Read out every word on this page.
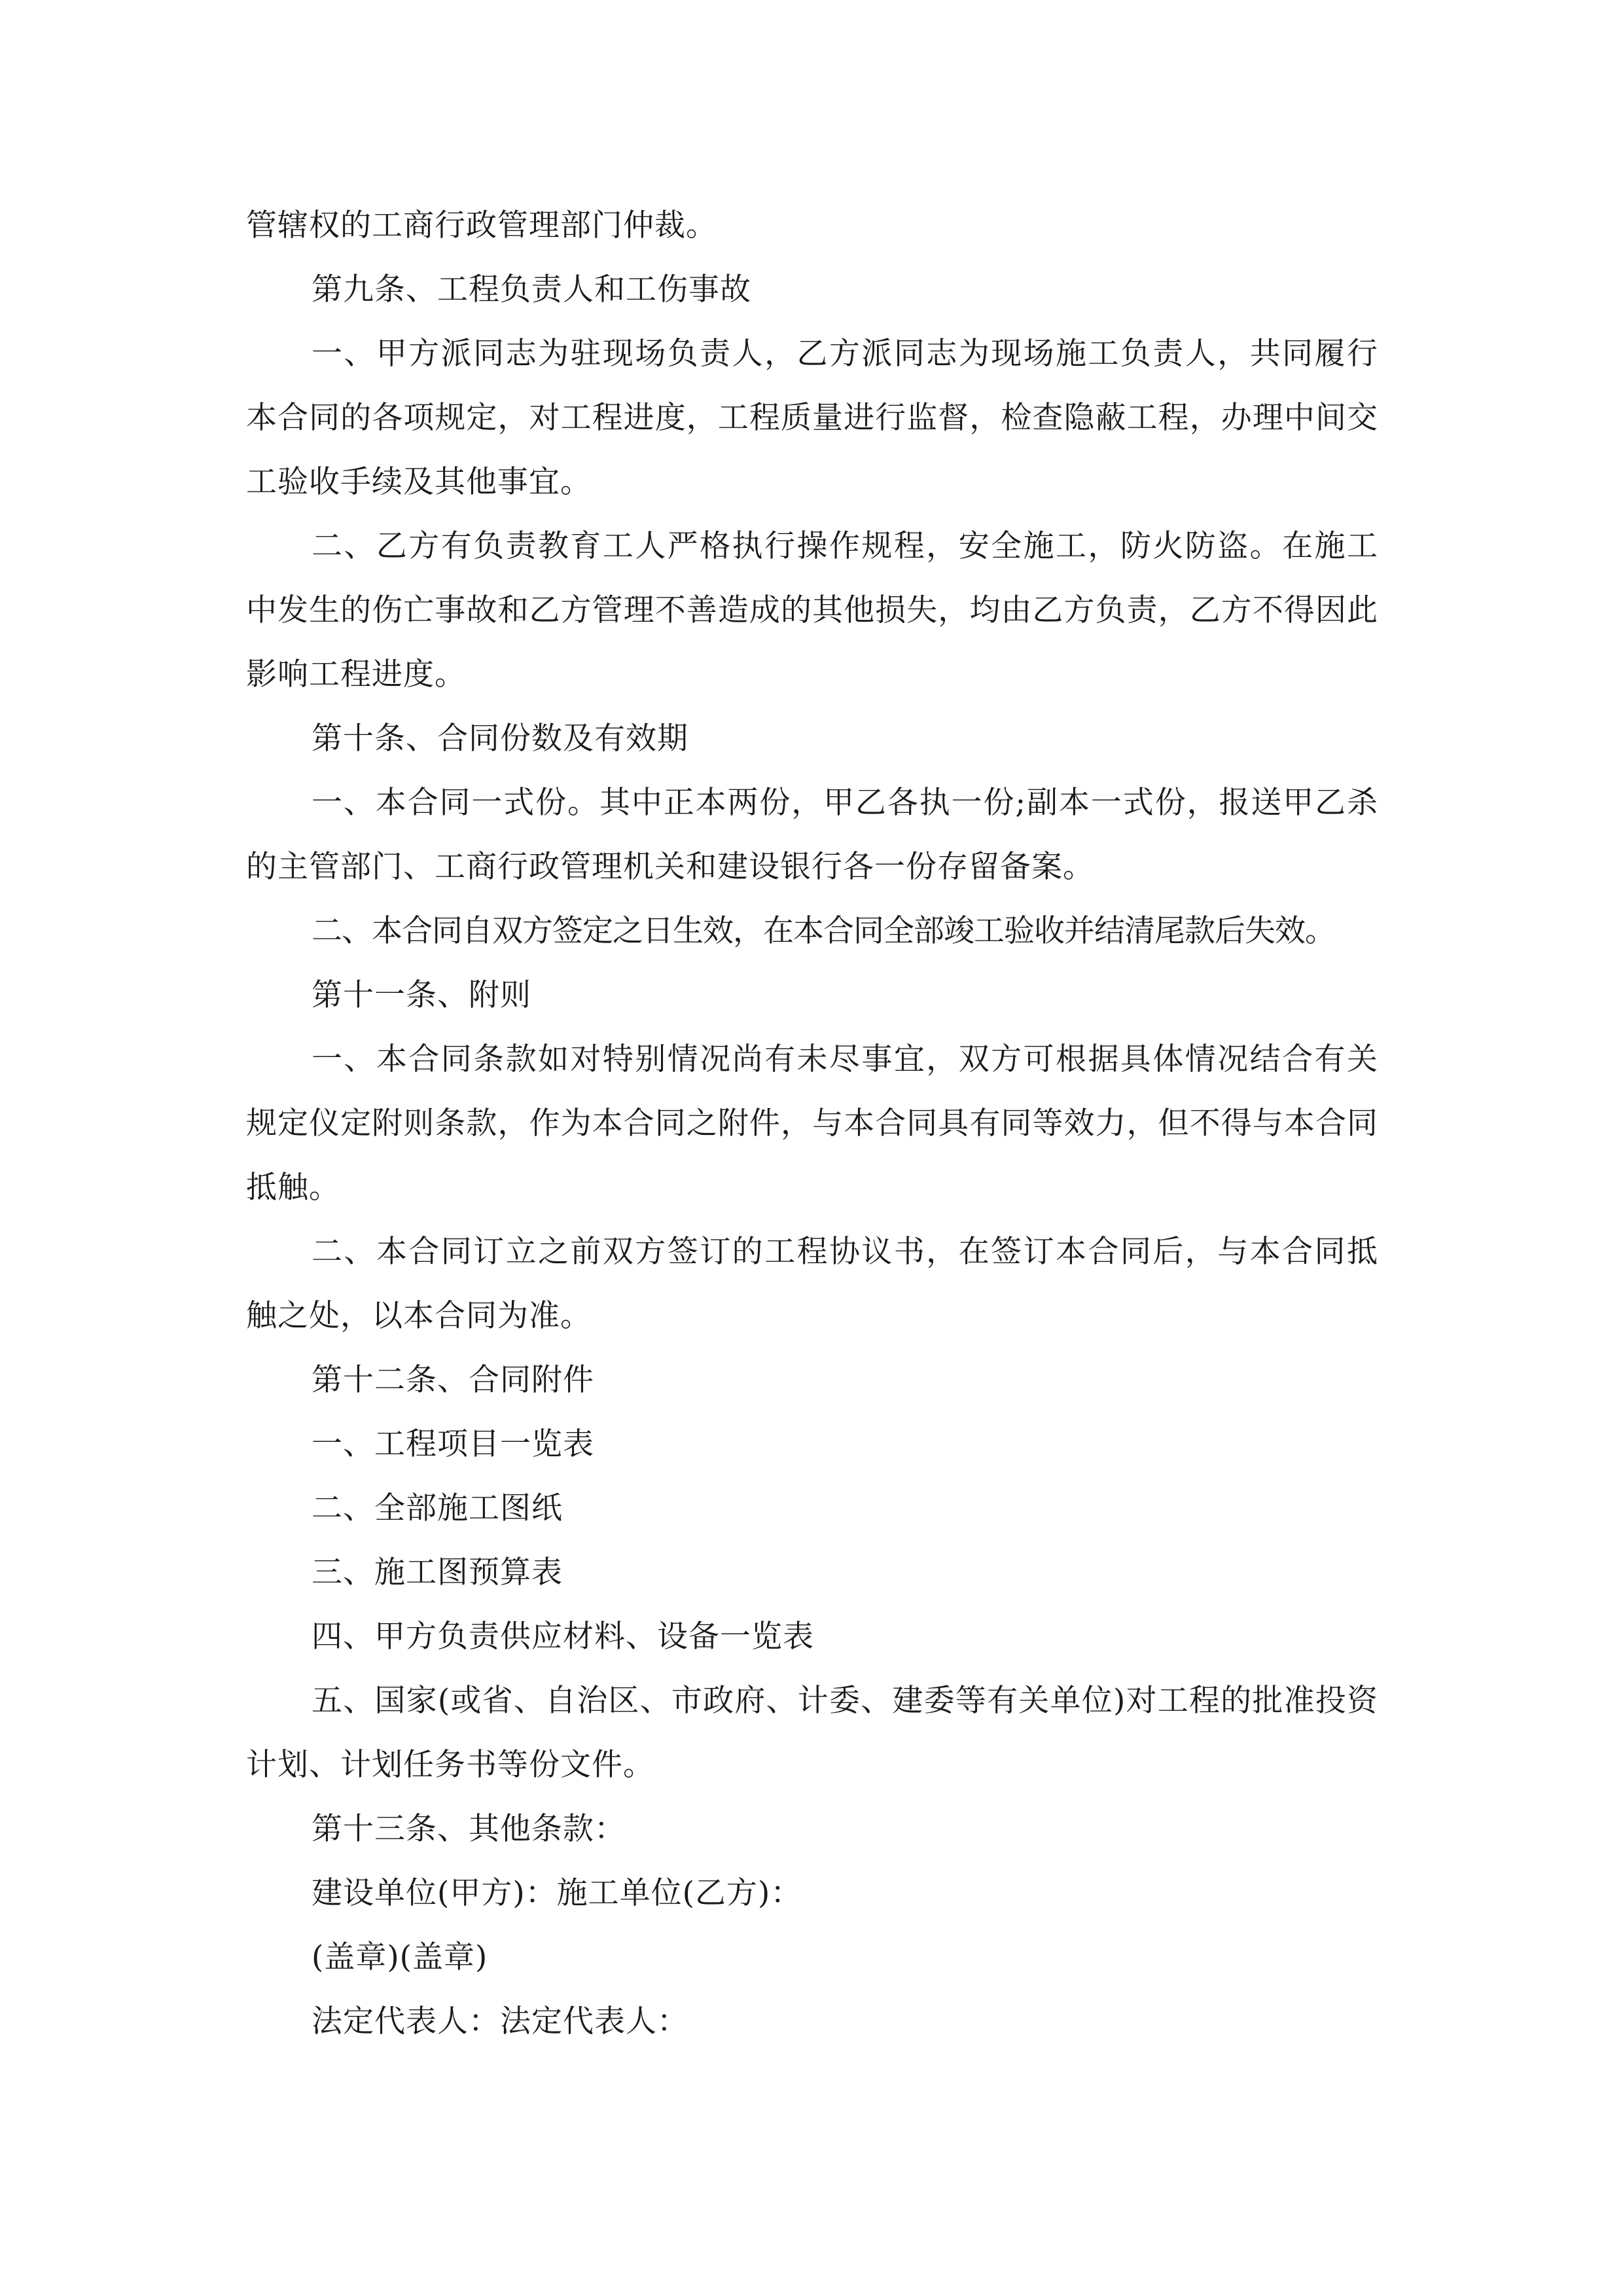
管辖权的工商行政管理部门仲裁。

第九条、工程负责人和工伤事故

一、甲方派同志为驻现场负责人，乙方派同志为现场施工负责人，共同履行本合同的各项规定，对工程进度，工程质量进行监督，检查隐蔽工程，办理中间交工验收手续及其他事宜。

二、乙方有负责教育工人严格执行操作规程，安全施工，防火防盗。在施工中发生的伤亡事故和乙方管理不善造成的其他损失，均由乙方负责，乙方不得因此影响工程进度。

第十条、合同份数及有效期

一、本合同一式份。其中正本两份，甲乙各执一份;副本一式份，报送甲乙杀的主管部门、工商行政管理机关和建设银行各一份存留备案。

二、本合同自双方签定之日生效，在本合同全部竣工验收并结清尾款后失效。

第十一条、附则

一、本合同条款如对特别情况尚有未尽事宜，双方可根据具体情况结合有关规定仪定附则条款，作为本合同之附件，与本合同具有同等效力，但不得与本合同抵触。

二、本合同订立之前双方签订的工程协议书，在签订本合同后，与本合同抵触之处，以本合同为准。

第十二条、合同附件

一、工程项目一览表

二、全部施工图纸

三、施工图预算表

四、甲方负责供应材料、设备一览表

五、国家(或省、自治区、市政府、计委、建委等有关单位)对工程的批准投资计划、计划任务书等份文件。

第十三条、其他条款：

建设单位(甲方)：施工单位(乙方)：

(盖章)(盖章)

法定代表人：法定代表人：
